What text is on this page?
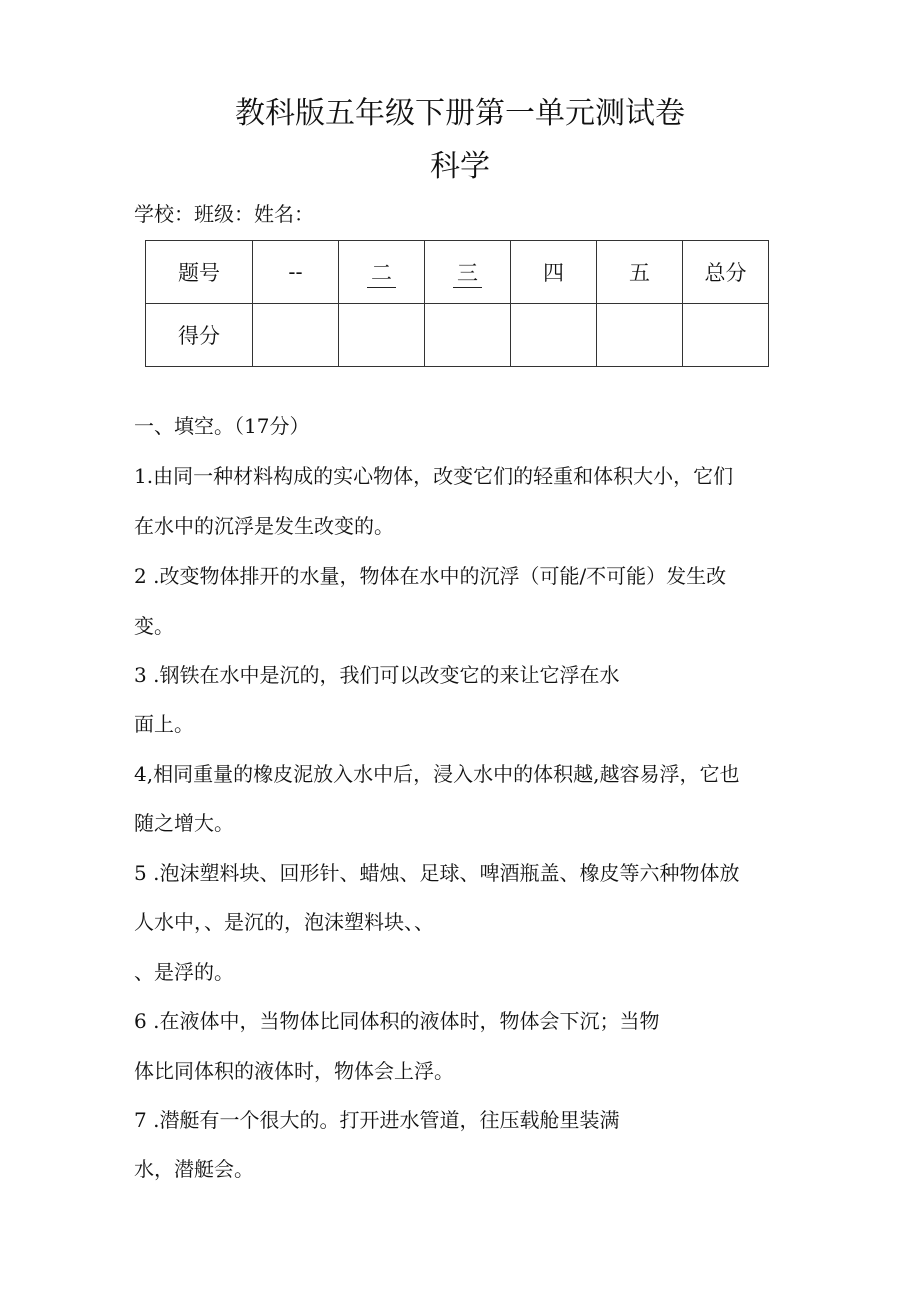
教科版五年级下册第一单元测试卷
科学
学校：班级：姓名：
题号	--	二	三	四	五	总分
得分						
一、填空。（17分）
1.由同一种材料构成的实心物体，改变它们的轻重和体积大小，它们
在水中的沉浮是发生改变的。
2 .改变物体排开的水量，物体在水中的沉浮（可能/不可能）发生改
变。
3 .钢铁在水中是沉的，我们可以改变它的来让它浮在水
面上。
4,相同重量的橡皮泥放入水中后，浸入水中的体积越,越容易浮，它也
随之增大。
5 .泡沫塑料块、回形针、蜡烛、足球、啤酒瓶盖、橡皮等六种物体放
人水中，、是沉的，泡沫塑料块、、
、是浮的。
6 .在液体中，当物体比同体积的液体时，物体会下沉；当物
体比同体积的液体时，物体会上浮。
7 .潜艇有一个很大的。打开进水管道，往压载舱里装满
水，潜艇会。
